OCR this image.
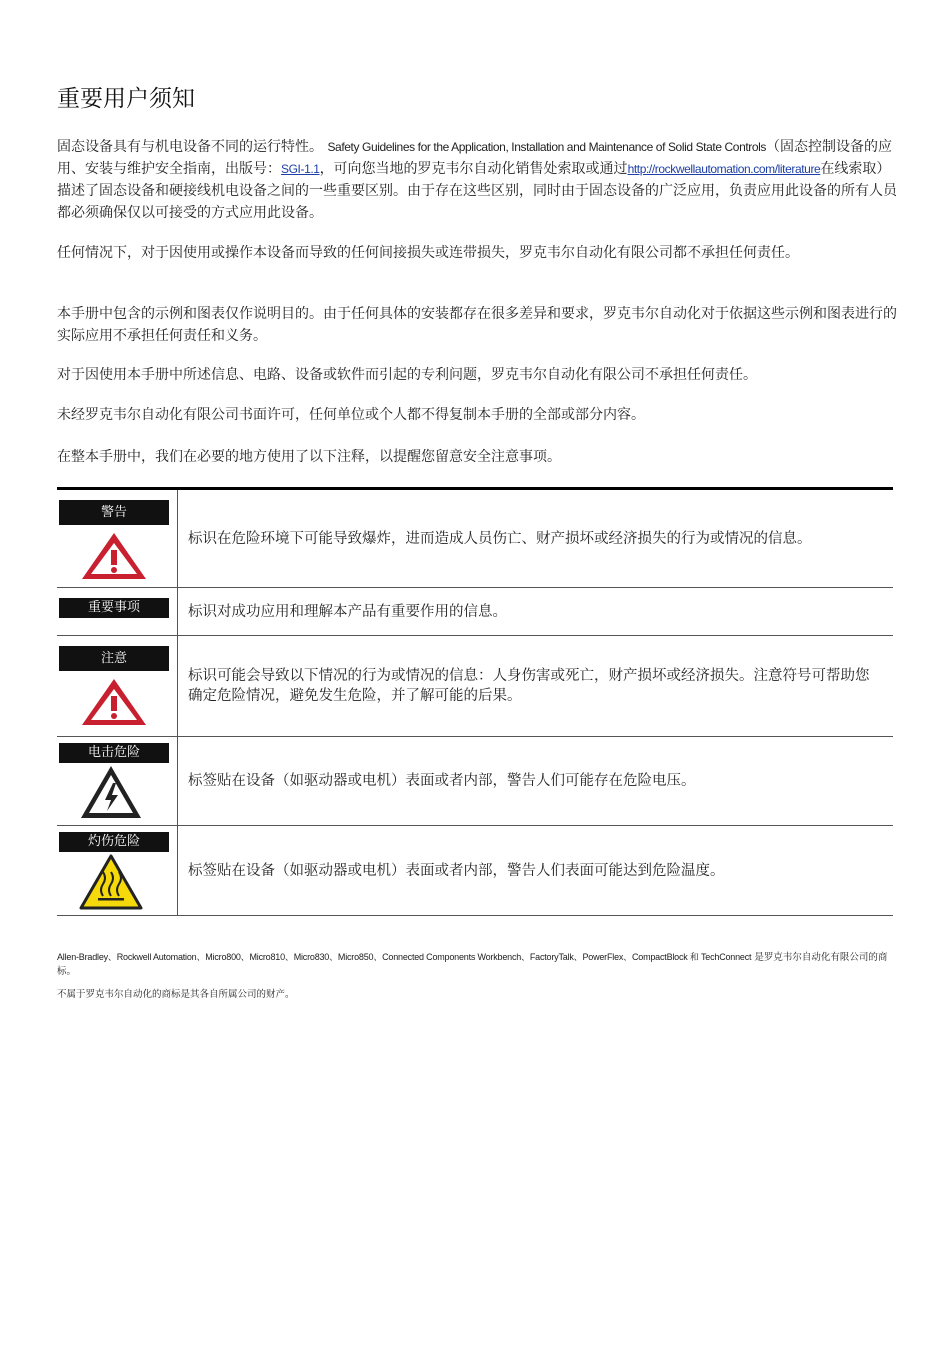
重要用户须知

固态设备具有与机电设备不同的运行特性。 Safety Guidelines for the Application, Installation and Maintenance of Solid State Controls（固态控制设备的应用、安装与维护安全指南，出版号：SGI-1.1，可向您当地的罗克韦尔自动化销售处索取或通过http://rockwellautomation.com/literature在线索取）描述了固态设备和硬接线机电设备之间的一些重要区别。由于存在这些区别，同时由于固态设备的广泛应用，负责应用此设备的所有人员都必须确保仅以可接受的方式应用此设备。

任何情况下，对于因使用或操作本设备而导致的任何间接损失或连带损失，罗克韦尔自动化有限公司都不承担任何责任。

本手册中包含的示例和图表仅作说明目的。由于任何具体的安装都存在很多差异和要求，罗克韦尔自动化对于依据这些示例和图表进行的实际应用不承担任何责任和义务。

对于因使用本手册中所述信息、电路、设备或软件而引起的专利问题，罗克韦尔自动化有限公司不承担任何责任。

未经罗克韦尔自动化有限公司书面许可，任何单位或个人都不得复制本手册的全部或部分内容。

在整本手册中，我们在必要的地方使用了以下注释，以提醒您留意安全注意事项。

警告
标识在危险环境下可能导致爆炸，进而造成人员伤亡、财产损坏或经济损失的行为或情况的信息。
重要事项	标识对成功应用和理解本产品有重要作用的信息。
注意
标识可能会导致以下情况的行为或情况的信息：人身伤害或死亡，财产损坏或经济损失。注意符号可帮助您确定危险情况，避免发生危险，并了解可能的后果。
电击危险
标签贴在设备（如驱动器或电机）表面或者内部，警告人们可能存在危险电压。
灼伤危险
标签贴在设备（如驱动器或电机）表面或者内部，警告人们表面可能达到危险温度。
Allen-Bradley、Rockwell Automation、Micro800、Micro810、Micro830、Micro850、Connected Components Workbench、FactoryTalk、PowerFlex、CompactBlock 和 TechConnect 是罗克韦尔自动化有限公司的商标。
不属于罗克韦尔自动化的商标是其各自所属公司的财产。
